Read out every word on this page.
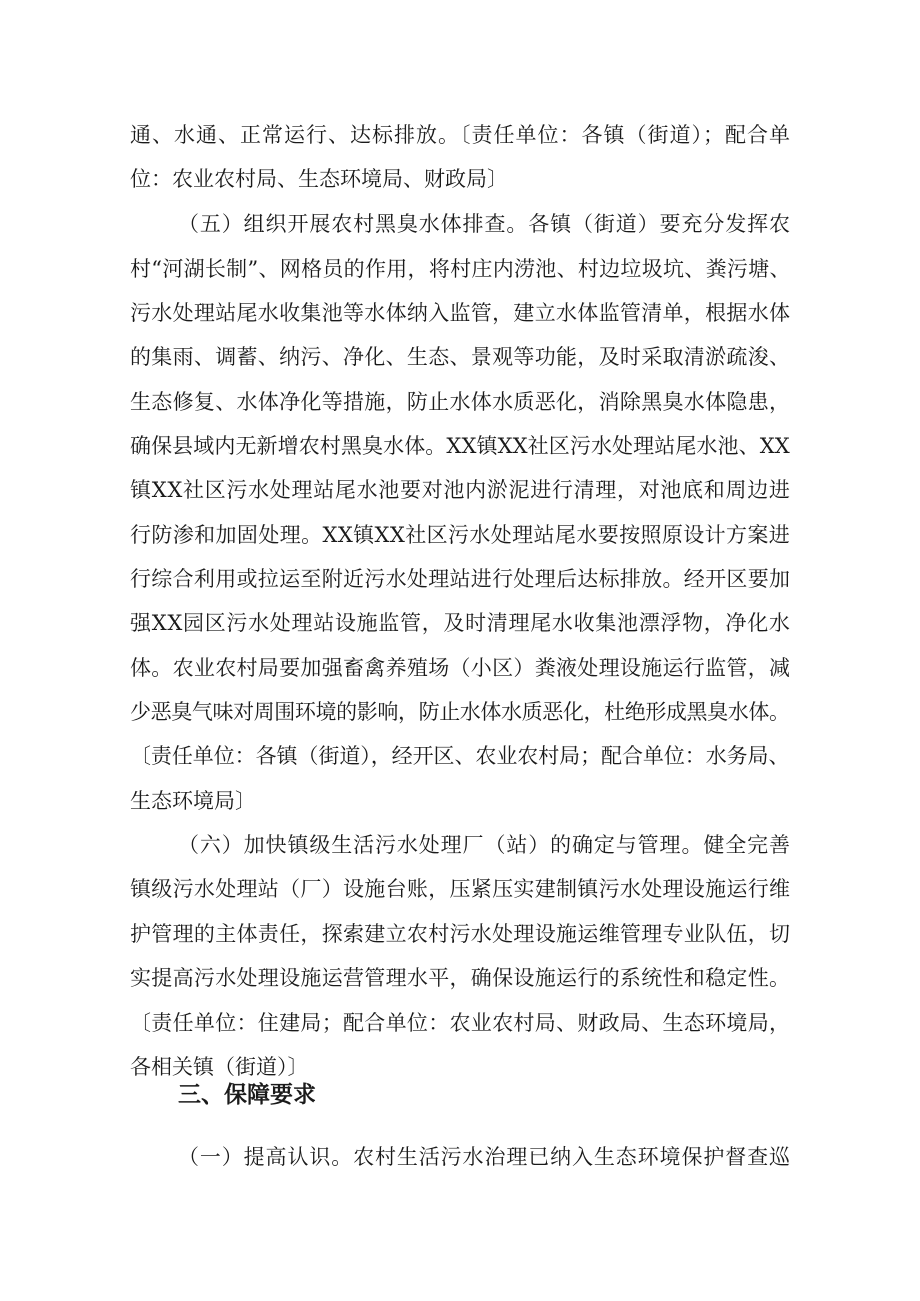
通、水通、正常运行、达标排放。〔责任单位：各镇（街道）；配合单
位：农业农村局、生态环境局、财政局〕
（五）组织开展农村黑臭水体排查。各镇（街道）要充分发挥农
村“河湖长制”、网格员的作用，将村庄内涝池、村边垃圾坑、粪污塘、
污水处理站尾水收集池等水体纳入监管，建立水体监管清单，根据水体
的集雨、调蓄、纳污、净化、生态、景观等功能，及时采取清淤疏浚、
生态修复、水体净化等措施，防止水体水质恶化，消除黑臭水体隐患，
确保县域内无新增农村黑臭水体。XX镇XX社区污水处理站尾水池、XX
镇XX社区污水处理站尾水池要对池内淤泥进行清理，对池底和周边进
行防渗和加固处理。XX镇XX社区污水处理站尾水要按照原设计方案进
行综合利用或拉运至附近污水处理站进行处理后达标排放。经开区要加
强XX园区污水处理站设施监管，及时清理尾水收集池漂浮物，净化水
体。农业农村局要加强畜禽养殖场（小区）粪液处理设施运行监管，减
少恶臭气味对周围环境的影响，防止水体水质恶化，杜绝形成黑臭水体。
〔责任单位：各镇（街道），经开区、农业农村局；配合单位：水务局、
生态环境局〕
（六）加快镇级生活污水处理厂（站）的确定与管理。健全完善
镇级污水处理站（厂）设施台账，压紧压实建制镇污水处理设施运行维
护管理的主体责任，探索建立农村污水处理设施运维管理专业队伍，切
实提高污水处理设施运营管理水平，确保设施运行的系统性和稳定性。
〔责任单位：住建局；配合单位：农业农村局、财政局、生态环境局，
各相关镇（街道）〕
三、保障要求
（一）提高认识。农村生活污水治理已纳入生态环境保护督查巡
